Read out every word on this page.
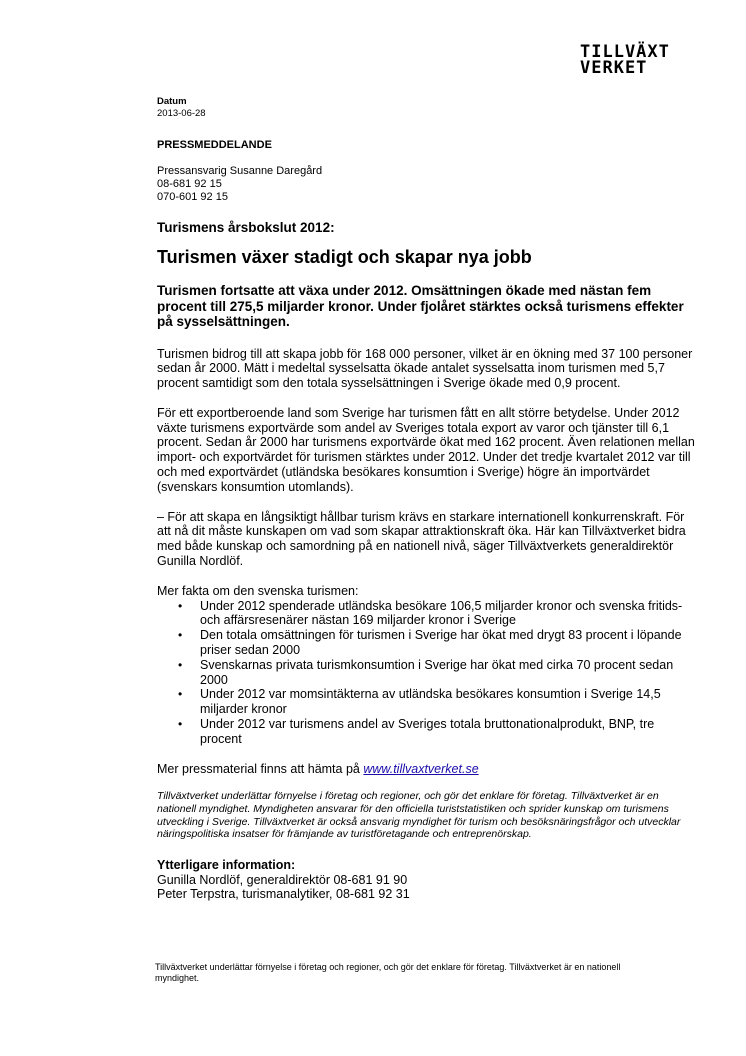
TILLVÄXT
VERKET
Datum
2013-06-28
PRESSMEDDELANDE
Pressansvarig Susanne Daregård
08-681 92 15
070-601 92 15

Turismens årsbokslut 2012:

Turismen växer stadigt och skapar nya jobb

Turismen fortsatte att växa under 2012. Omsättningen ökade med nästan fem procent till 275,5 miljarder kronor. Under fjolåret stärktes också turismens effekter på sysselsättningen.

Turismen bidrog till att skapa jobb för 168 000 personer, vilket är en ökning med 37 100 personer sedan år 2000. Mätt i medeltal sysselsatta ökade antalet sysselsatta inom turismen med 5,7 procent samtidigt som den totala sysselsättningen i Sverige ökade med 0,9 procent.

För ett exportberoende land som Sverige har turismen fått en allt större betydelse. Under 2012 växte turismens exportvärde som andel av Sveriges totala export av varor och tjänster till 6,1 procent. Sedan år 2000 har turismens exportvärde ökat med 162 procent. Även relationen mellan import- och exportvärdet för turismen stärktes under 2012. Under det tredje kvartalet 2012 var till och med exportvärdet (utländska besökares konsumtion i Sverige) högre än importvärdet (svenskars konsumtion utomlands).

– För att skapa en långsiktigt hållbar turism krävs en starkare internationell konkurrenskraft. För att nå dit måste kunskapen om vad som skapar attraktionskraft öka. Här kan Tillväxtverket bidra med både kunskap och samordning på en nationell nivå, säger Tillväxtverkets generaldirektör Gunilla Nordlöf.

Mer fakta om den svenska turismen:

• Under 2012 spenderade utländska besökare 106,5 miljarder kronor och svenska fritids- och affärsresenärer nästan 169 miljarder kronor i Sverige
• Den totala omsättningen för turismen i Sverige har ökat med drygt 83 procent i löpande priser sedan 2000
• Svenskarnas privata turismkonsumtion i Sverige har ökat med cirka 70 procent sedan 2000
• Under 2012 var momsintäkterna av utländska besökares konsumtion i Sverige 14,5 miljarder kronor
• Under 2012 var turismens andel av Sveriges totala bruttonationalprodukt, BNP, tre procent

Mer pressmaterial finns att hämta på www.tillvaxtverket.se

Tillväxtverket underlättar förnyelse i företag och regioner, och gör det enklare för företag. Tillväxtverket är en nationell myndighet. Myndigheten ansvarar för den officiella turiststatistiken och sprider kunskap om turismens utveckling i Sverige. Tillväxtverket är också ansvarig myndighet för turism och besöksnäringsfrågor och utvecklar näringspolitiska insatser för främjande av turistföretagande och entreprenörskap.

Ytterligare information:

Gunilla Nordlöf, generaldirektör 08-681 91 90

Peter Terpstra, turismanalytiker, 08-681 92 31

Tillväxtverket underlättar förnyelse i företag och regioner, och gör det enklare för företag. Tillväxtverket är en nationell myndighet.
